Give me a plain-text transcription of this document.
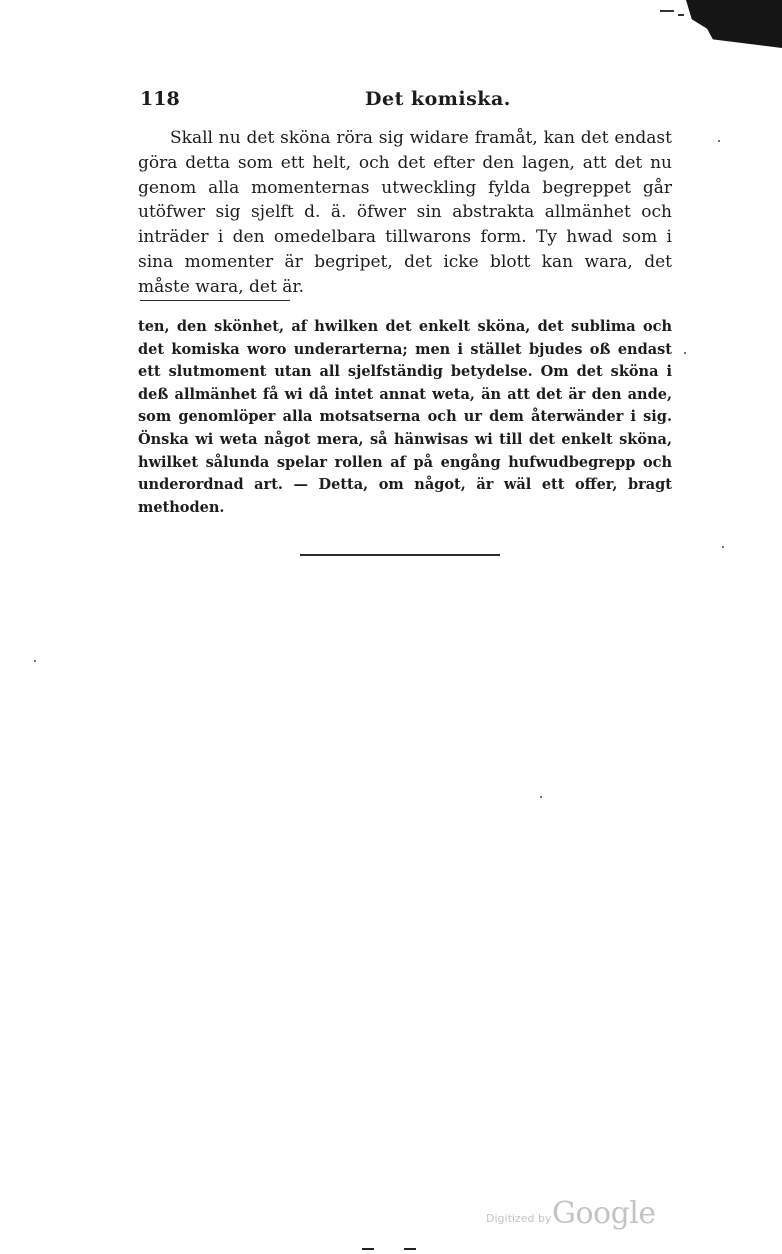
118	Det komiska.

Skall nu det sköna röra sig widare framåt, kan det endast göra detta som ett helt, och det efter den lagen, att det nu genom alla momenternas utweckling fylda begreppet går utöfwer sig sjelft d. ä. öfwer sin abstrakta allmänhet och inträder i den omedelbara tillwarons form. Ty hwad som i sina momenter är begripet, det icke blott kan wara, det måste wara, det är.

ten, den skönhet, af hwilken det enkelt sköna, det sublima och det komiska woro underarterna; men i stället bjudes oß endast ett slutmoment utan all sjelfständig betydelse. Om det sköna i deß allmänhet få wi då intet annat weta, än att det är den ande, som genomlöper alla motsatserna och ur dem återwänder i sig. Önska wi weta något mera, så hänwisas wi till det enkelt sköna, hwilket sålunda spelar rollen af på engång hufwudbegrepp och underordnad art. — Detta, om något, är wäl ett offer, bragt methoden.

Digitized by Google
